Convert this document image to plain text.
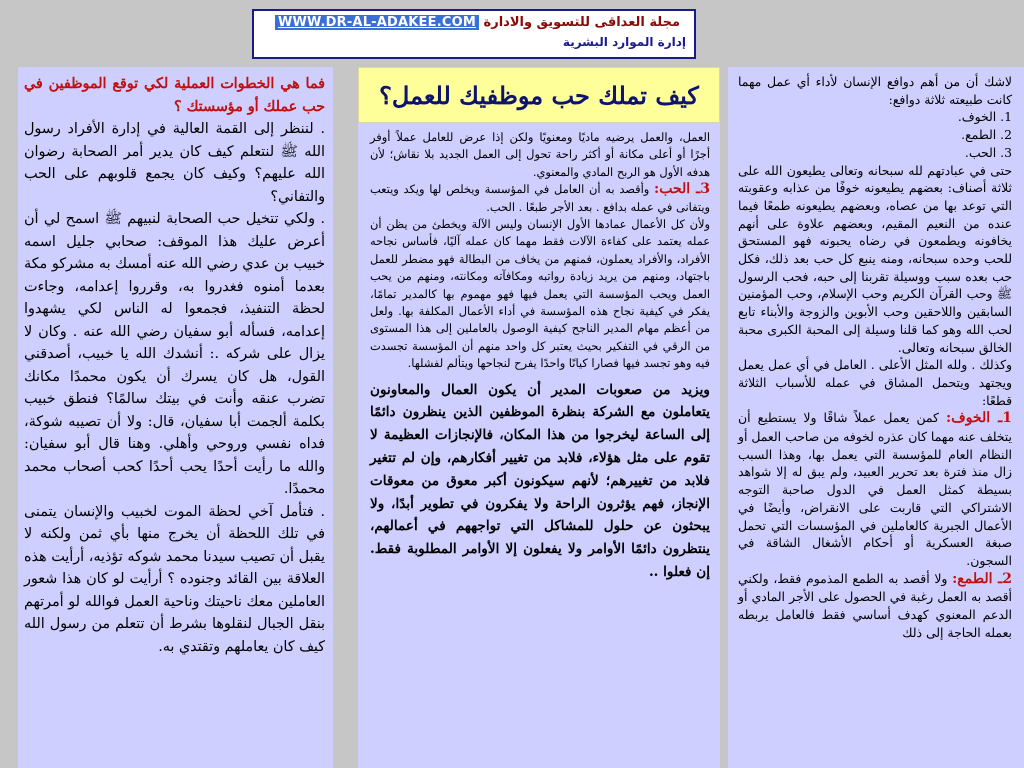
مجلة العداقى للتسويق والادارة WWW.DR-AL-ADAKEE.COM
إدارة الموارد البشرية

فما هي الخطوات العملية لكي توقع الموظفين في حب عملك أو مؤسستك ؟

. لننظر إلى القمة العالية في إدارة الأفراد رسول الله ﷺ لنتعلم كيف كان يدير أمر الصحابة رضوان الله عليهم؟ وكيف كان يجمع قلوبهم على الحب والتفاني؟

. ولكي تتخيل حب الصحابة لنبيهم ﷺ اسمح لي أن أعرض عليك هذا الموقف: صحابي جليل اسمه خبيب بن عدي رضي الله عنه أمسك به مشركو مكة بعدما أمنوه فغدروا به، وقرروا إعدامه، وجاءت لحظة التنفيذ، فجمعوا له الناس لكي يشهدوا إعدامه، فسأله أبو سفيان رضي الله عنه . وكان لا يزال على شركه .: أنشدك الله يا خبيب، أصدقني القول، هل كان يسرك أن يكون محمدًا مكانك تضرب عنقه وأنت في بيتك سالمًا؟ فنطق خبيب بكلمة ألجمت أبا سفيان، قال: ولا أن تصيبه شوكة، فداه نفسي وروحي وأهلي. وهنا قال أبو سفيان: والله ما رأيت أحدًا يحب أحدًا كحب أصحاب محمد محمدًا.

. فتأمل آخي لحظة الموت لخبيب والإنسان يتمنى في تلك اللحظة أن يخرج منها بأي ثمن ولكنه لا يقبل أن تصيب سيدنا محمد شوكه تؤذيه، أرأيت هذه العلاقة بين القائد وجنوده ؟ أرأيت لو كان هذا شعور العاملين معك ناحيتك وناحية العمل فوالله لو أمرتهم بنقل الجبال لنقلوها بشرط أن تتعلم من رسول الله كيف كان يعاملهم وتقتدي به.

كيف تملك حب موظفيك للعمل؟

العمل، والعمل يرضيه ماديًا ومعنويًا ولكن إذا عرض للعامل عملاً أوفر أجرًا أو أعلى مكانة أو أكثر راحة تحول إلى العمل الجديد بلا نقاش؛ لأن هدفه الأول هو الربح المادي والمعنوي.

3ـ الحب: وأقصد به أن العامل في المؤسسة ويخلص لها ويكد ويتعب ويتفانى في عمله بدافع . بعد الأجر طبعًا . الحب.

ولأن كل الأعمال عمادها الأول الإنسان وليس الآلة ويخطئ من يظن أن عمله يعتمد على كفاءة الآلات فقط مهما كان عمله آليًا، فأساس نجاحه الأفراد، والأفراد يعملون، فمنهم من يخاف من البطالة فهو مضطر للعمل باجتهاد، ومنهم من يريد زيادة رواتبه ومكافآته ومكانته، ومنهم من يحب العمل ويحب المؤسسة التي يعمل فيها فهو مهموم بها كالمدير تمامًا، يفكر في كيفية نجاح هذه المؤسسة في أداء الأعمال المكلفة بها. ولعل من أعظم مهام المدير الناجح كيفية الوصول بالعاملين إلى هذا المستوى من الرقي في التفكير بحيث يعتبر كل واحد منهم أن المؤسسة تجسدت فيه وهو تجسد فيها فصارا كيانًا واحدًا يفرح لنجاحها ويتألم لفشلها.

ويزيد من صعوبات المدير أن يكون العمال والمعاونون يتعاملون مع الشركة بنظرة الموظفين الذين ينظرون دائمًا إلى الساعة ليخرجوا من هذا المكان، فالإنجازات العظيمة لا تقوم على مثل هؤلاء، فلابد من تغيير أفكارهم، وإن لم تتغير فلابد من تغييرهم؛ لأنهم سيكونون أكبر معوق من معوقات الإنجاز، فهم يؤثرون الراحة ولا يفكرون في تطوير أبدًا، ولا يبحثون عن حلول للمشاكل التي تواجههم في أعمالهم، ينتظرون دائمًا الأوامر ولا يفعلون إلا الأوامر المطلوبة فقط. إن فعلوا ..

لاشك أن من أهم دوافع الإنسان لأداء أي عمل مهما كانت طبيعته ثلاثة دوافع:

1. الخوف.

2. الطمع.

3. الحب.

حتى في عبادتهم لله سبحانه وتعالى يطيعون الله على ثلاثة أصناف: بعضهم يطيعونه خوفًا من عذابه وعقوبته التي توعد بها من عصاه، وبعضهم يطيعونه طمعًا فيما عنده من النعيم المقيم، وبعضهم علاوة على أنهم يخافونه ويطمعون في رضاه يحبونه فهو المستحق للحب وحده سبحانه، ومنه ينبع كل حب بعد ذلك، فكل حب بعده سبب ووسيلة تقربنا إلى حبه، فحب الرسول ﷺ وحب القرآن الكريم وحب الإسلام، وحب المؤمنين السابقين واللاحقين وحب الأبوين والزوجة والأبناء تابع لحب الله وهو كما قلنا وسيلة إلى المحبة الكبرى محبة الخالق سبحانه وتعالى.

وكذلك . ولله المثل الأعلى . العامل في أي عمل يعمل ويجتهد ويتحمل المشاق في عمله للأسباب الثلاثة قطعًا:

1ـ الخوف: كمن يعمل عملاً شاقًا ولا يستطيع أن يتخلف عنه مهما كان عذره لخوفه من صاحب العمل أو النظام العام للمؤسسة التي يعمل بها، وهذا السبب زال منذ فترة بعد تحرير العبيد، ولم يبق له إلا شواهد بسيطة كمثل العمل في الدول صاحبة التوجه الاشتراكي التي قاربت على الانقراض، وأيضًا في الأعمال الجبرية كالعاملين في المؤسسات التي تحمل صبغة العسكرية أو أحكام الأشغال الشاقة في السجون.

2ـ الطمع: ولا أقصد به الطمع المذموم فقط، ولكني أقصد به العمل رغبة في الحصول على الأجر المادي أو الدعم المعنوي كهدف أساسي فقط فالعامل يربطه بعمله الحاجة إلى ذلك
